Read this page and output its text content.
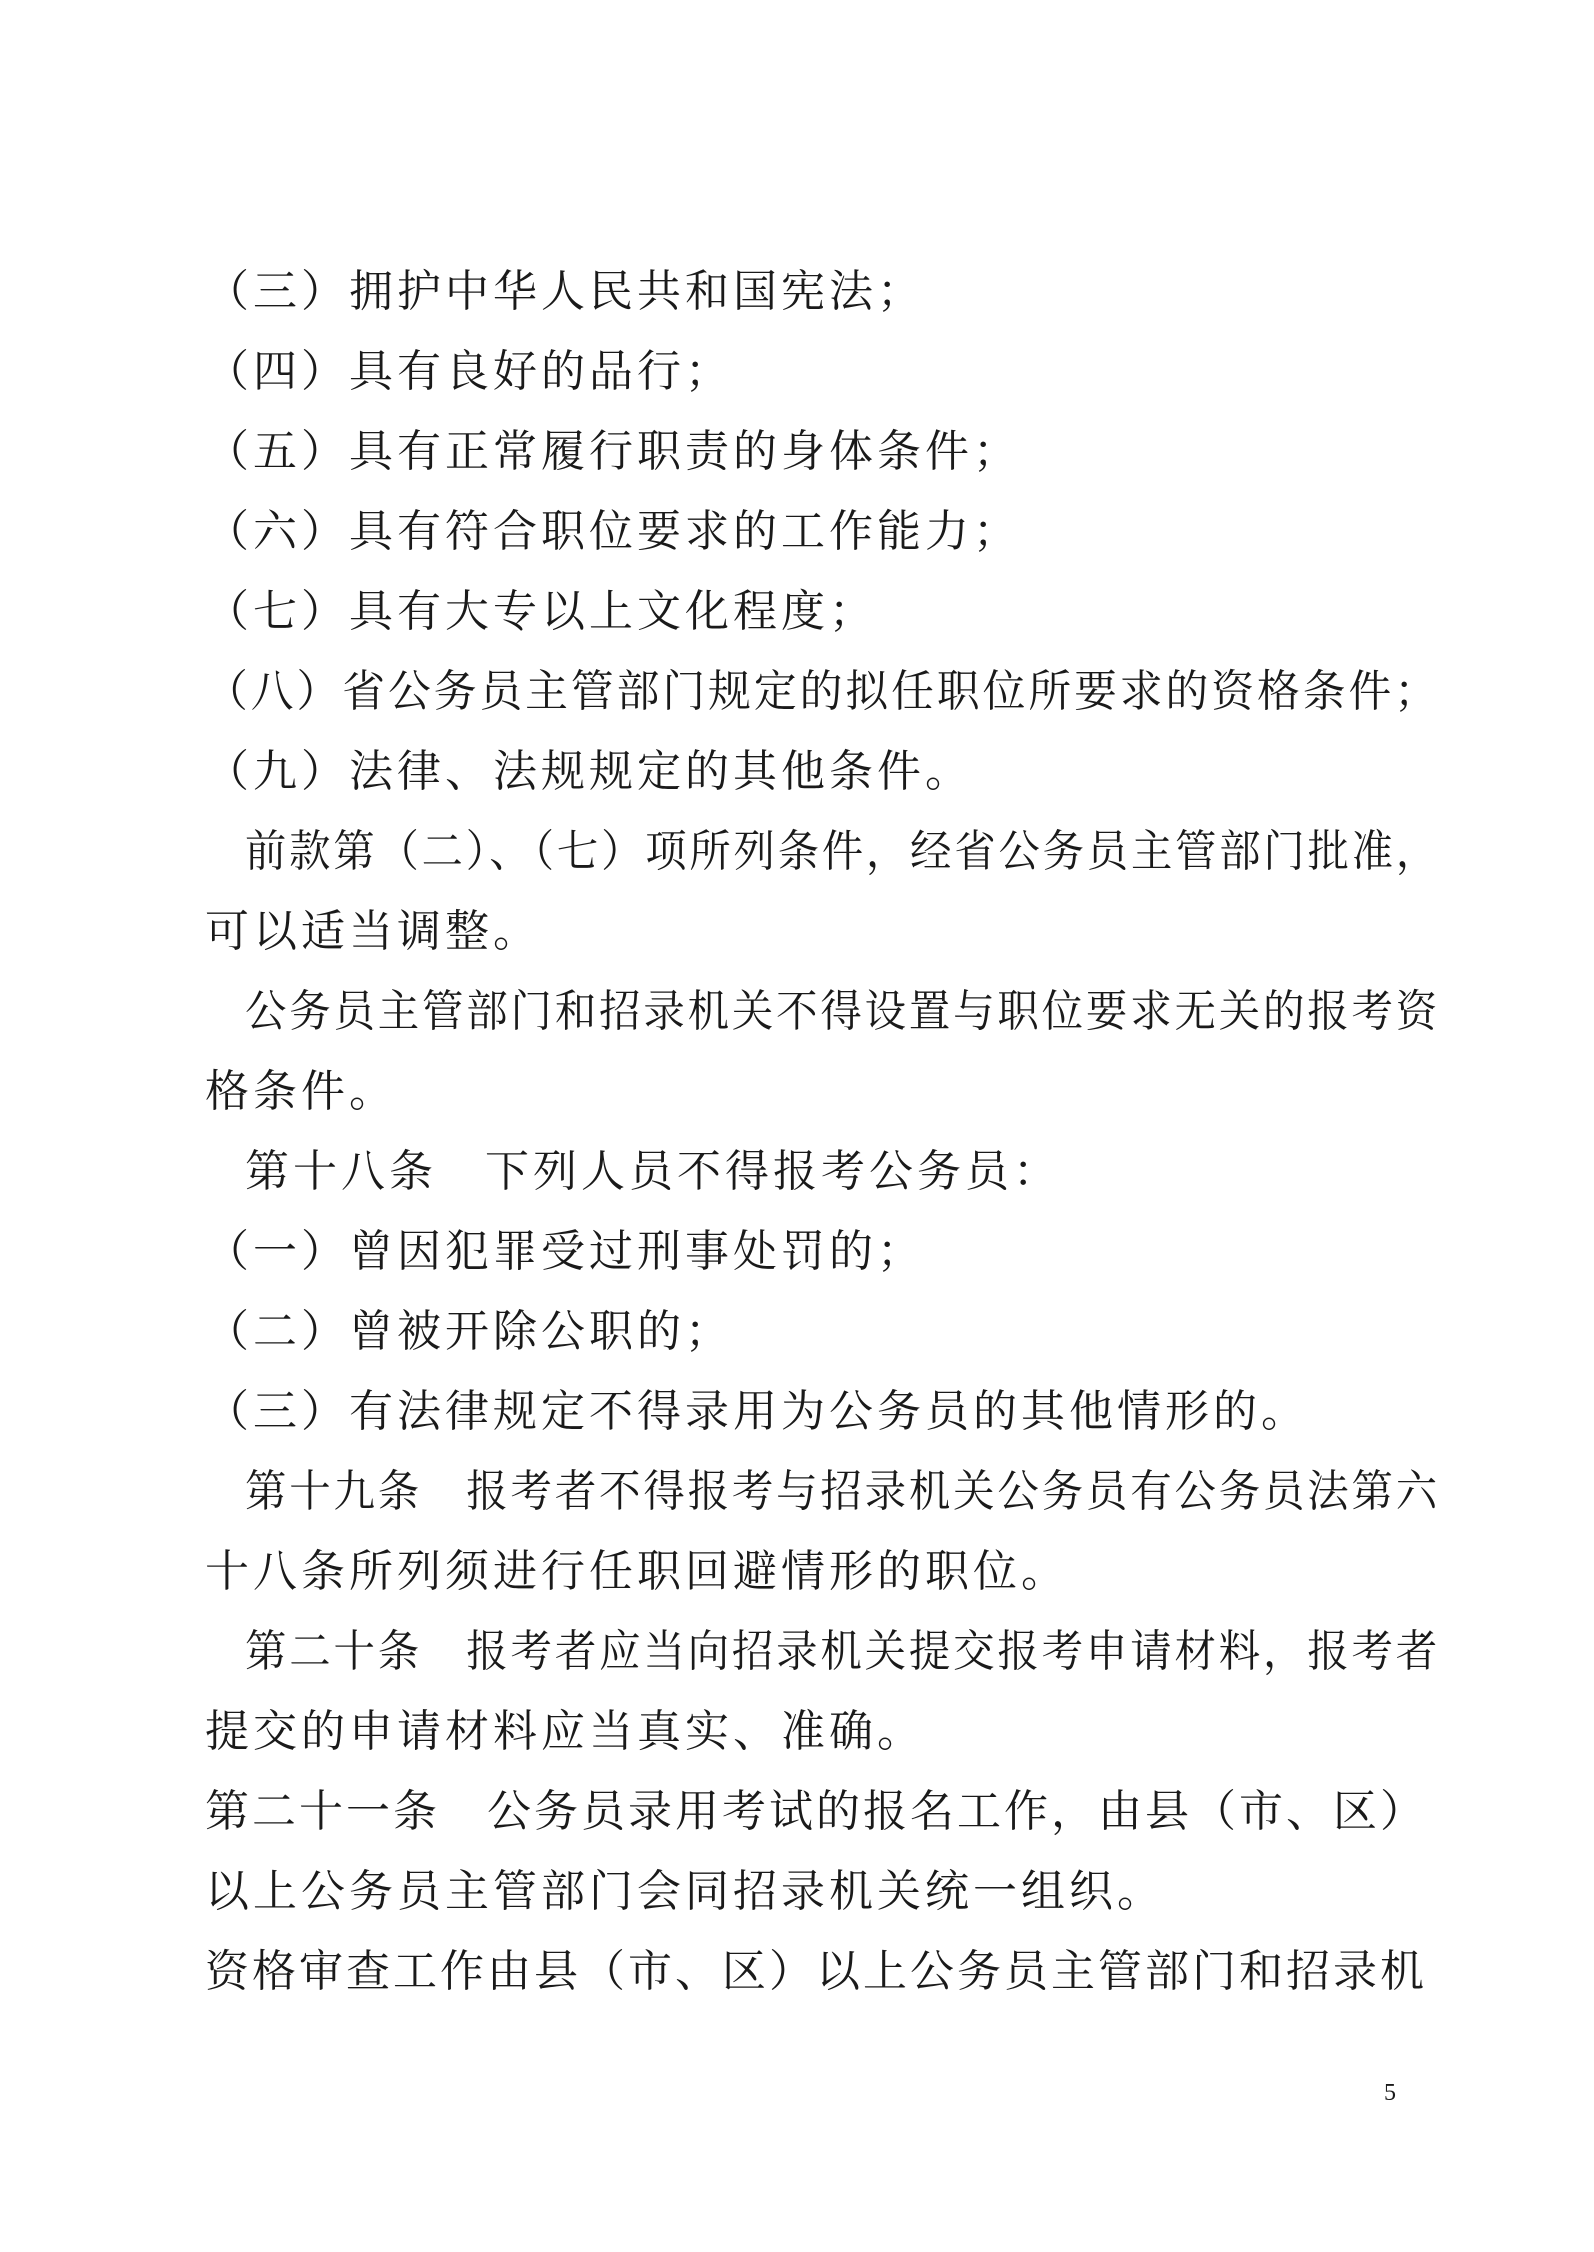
（三）拥护中华人民共和国宪法；
（四）具有良好的品行；
（五）具有正常履行职责的身体条件；
（六）具有符合职位要求的工作能力；
（七）具有大专以上文化程度；
（八）省公务员主管部门规定的拟任职位所要求的资格条件；
（九）法律、法规规定的其他条件。
前款第（二）、（七）项所列条件，经省公务员主管部门批准，
可以适当调整。
公务员主管部门和招录机关不得设置与职位要求无关的报考资
格条件。
第十八条　下列人员不得报考公务员：
（一）曾因犯罪受过刑事处罚的；
（二）曾被开除公职的；
（三）有法律规定不得录用为公务员的其他情形的。
第十九条　报考者不得报考与招录机关公务员有公务员法第六
十八条所列须进行任职回避情形的职位。
第二十条　报考者应当向招录机关提交报考申请材料，报考者
提交的申请材料应当真实、准确。
第二十一条　公务员录用考试的报名工作，由县（市、区）
以上公务员主管部门会同招录机关统一组织。
资格审查工作由县（市、区）以上公务员主管部门和招录机
5
